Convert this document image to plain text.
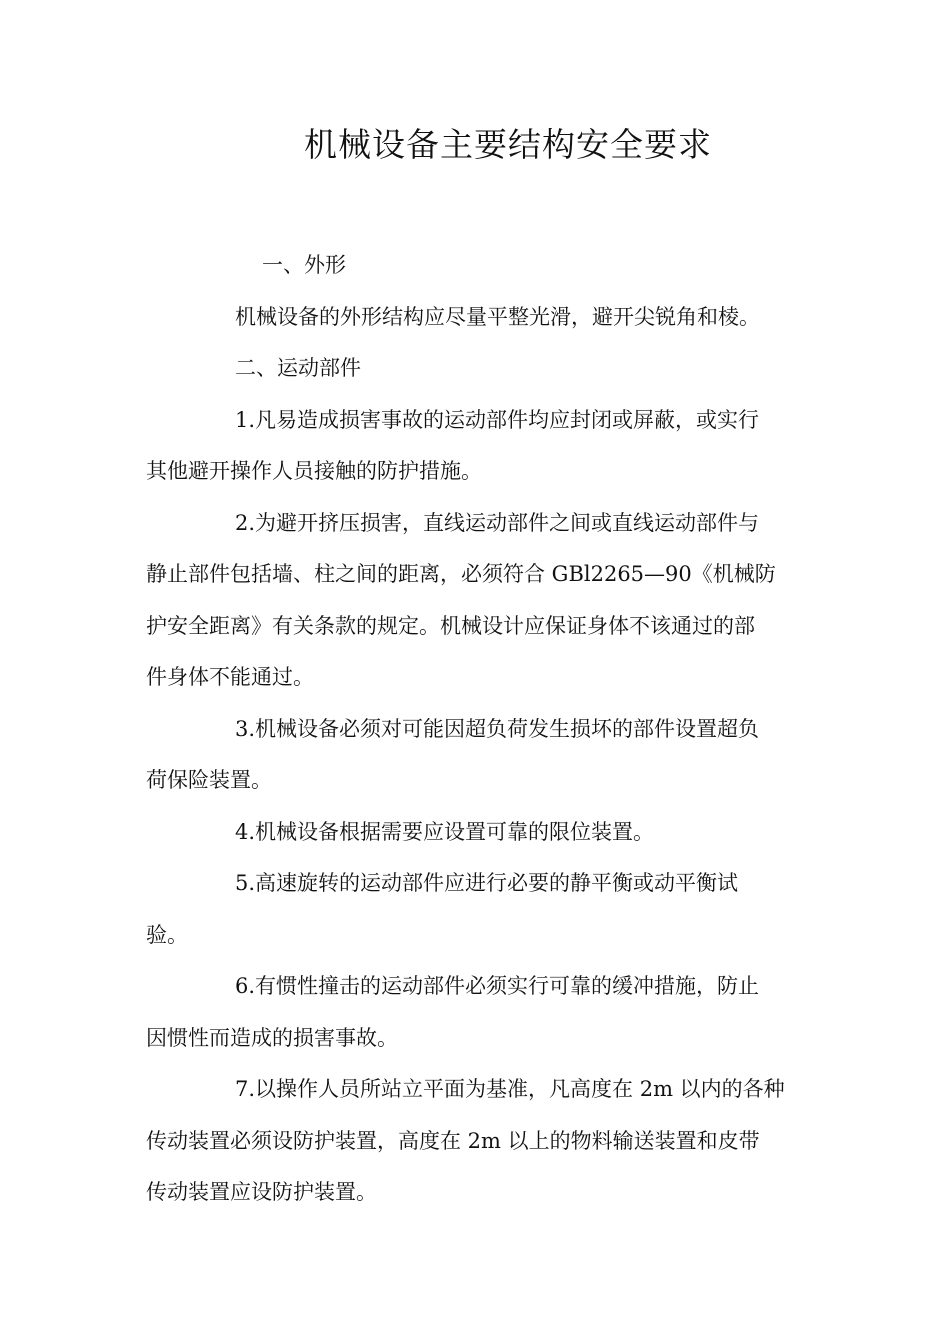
机械设备主要结构安全要求
一、外形
机械设备的外形结构应尽量平整光滑，避开尖锐角和棱。
二、运动部件
1.凡易造成损害事故的运动部件均应封闭或屏蔽，或实行
其他避开操作人员接触的防护措施。
2.为避开挤压损害，直线运动部件之间或直线运动部件与
静止部件包括墙、柱之间的距离，必须符合 GBl2265—90《机械防
护安全距离》有关条款的规定。机械设计应保证身体不该通过的部
件身体不能通过。
3.机械设备必须对可能因超负荷发生损坏的部件设置超负
荷保险装置。
4.机械设备根据需要应设置可靠的限位装置。
5.高速旋转的运动部件应进行必要的静平衡或动平衡试
验。
6.有惯性撞击的运动部件必须实行可靠的缓冲措施，防止
因惯性而造成的损害事故。
7.以操作人员所站立平面为基准，凡高度在 2m 以内的各种
传动装置必须设防护装置，高度在 2m 以上的物料输送装置和皮带
传动装置应设防护装置。
